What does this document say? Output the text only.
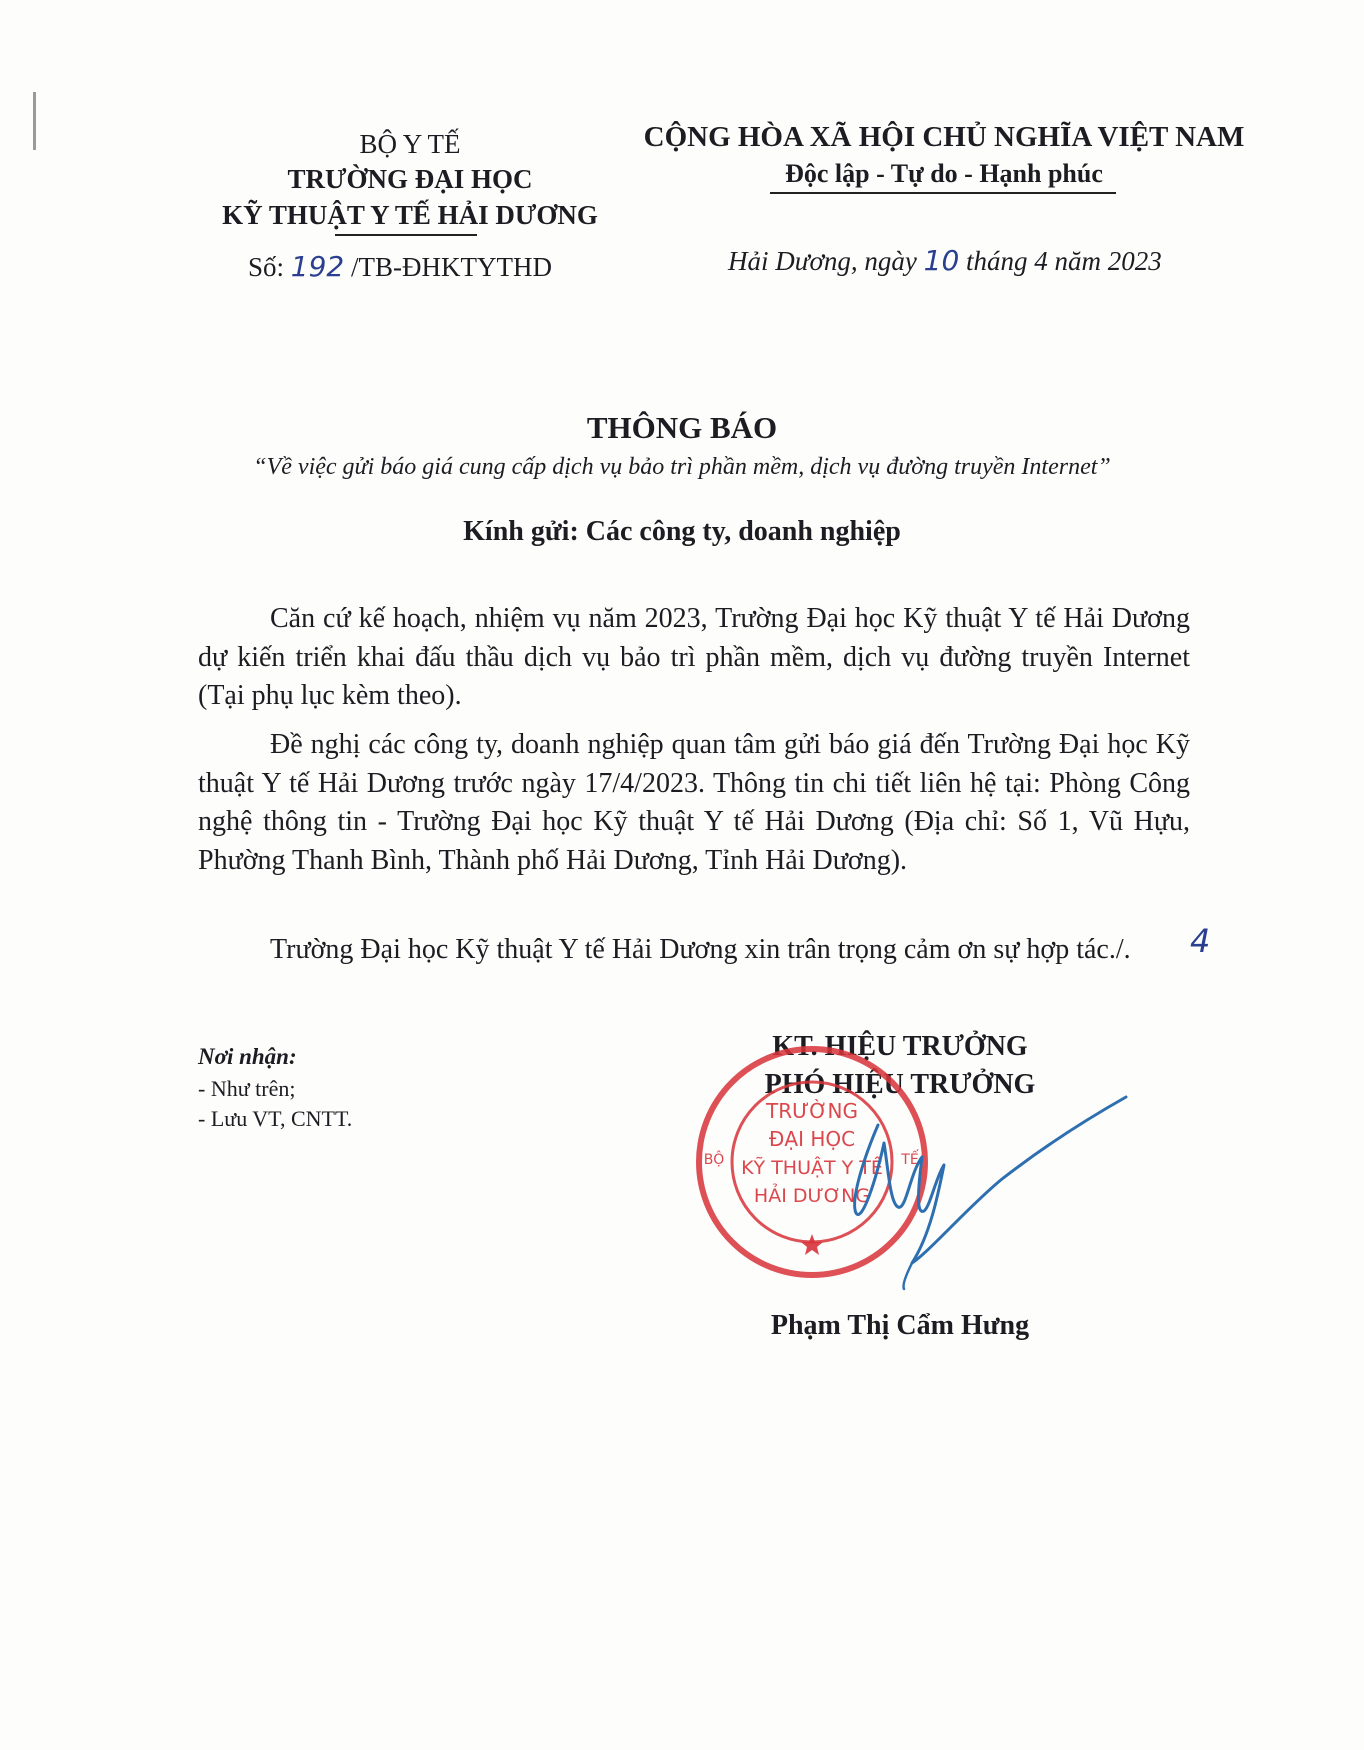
BỘ Y TẾ
TRƯỜNG ĐẠI HỌC
KỸ THUẬT Y TẾ HẢI DƯƠNG
Số: 192 /TB-ĐHKTYTHD
CỘNG HÒA XÃ HỘI CHỦ NGHĨA VIỆT NAM
Độc lập - Tự do - Hạnh phúc
Hải Dương, ngày 10 tháng 4 năm 2023
THÔNG BÁO
“Về việc gửi báo giá cung cấp dịch vụ bảo trì phần mềm, dịch vụ đường truyền Internet”
Kính gửi: Các công ty, doanh nghiệp
Căn cứ kế hoạch, nhiệm vụ năm 2023, Trường Đại học Kỹ thuật Y tế Hải Dương dự kiến triển khai đấu thầu dịch vụ bảo trì phần mềm, dịch vụ đường truyền Internet (Tại phụ lục kèm theo).
Đề nghị các công ty, doanh nghiệp quan tâm gửi báo giá đến Trường Đại học Kỹ thuật Y tế Hải Dương trước ngày 17/4/2023. Thông tin chi tiết liên hệ tại: Phòng Công nghệ thông tin - Trường Đại học Kỹ thuật Y tế Hải Dương (Địa chỉ: Số 1, Vũ Hựu, Phường Thanh Bình, Thành phố Hải Dương, Tỉnh Hải Dương).
Trường Đại học Kỹ thuật Y tế Hải Dương xin trân trọng cảm ơn sự hợp tác./.	4
Nơi nhận:
- Như trên;
- Lưu VT, CNTT.
KT. HIỆU TRƯỞNG
PHÓ HIỆU TRƯỞNG
TRƯỜNG
ĐẠI HỌC
KỸ THUẬT Y TẾ
HẢI DƯƠNG
BỘ	TẾ
Phạm Thị Cẩm Hưng
